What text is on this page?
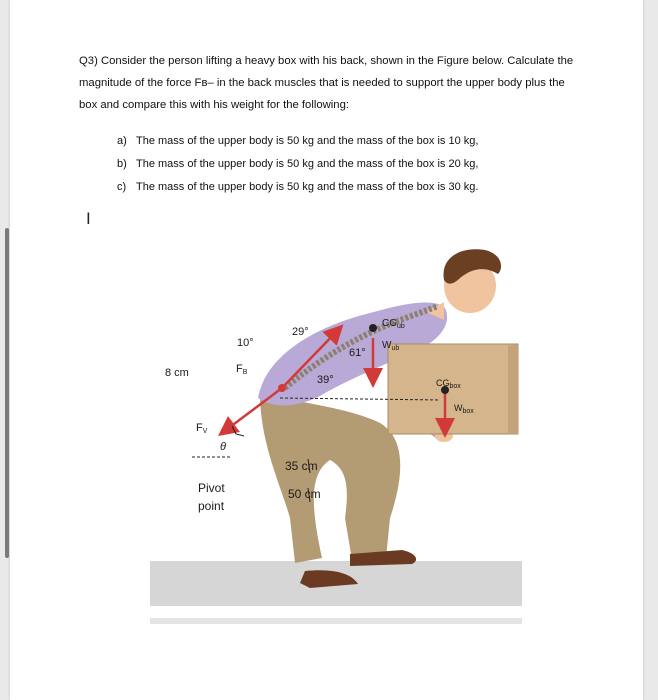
Q3) Consider the person lifting a heavy box with his back, shown in the Figure below. Calculate the magnitude of the force Fʙ– in the back muscles that is needed to support the upper body plus the box and compare this with his weight for the following:

a) The mass of the upper body is 50 kg and the mass of the box is 10 kg,
b) The mass of the upper body is 50 kg and the mass of the box is 20 kg,
c) The mass of the upper body is 50 kg and the mass of the box is 30 kg.
I
29°
10°
61°
39°
$CG_{ub}$
$W_{ub}$
$CG_{box}$
$W_{box}$
8 cm	FB
FV
θ
35 cm
50 cm
Pivot
point
